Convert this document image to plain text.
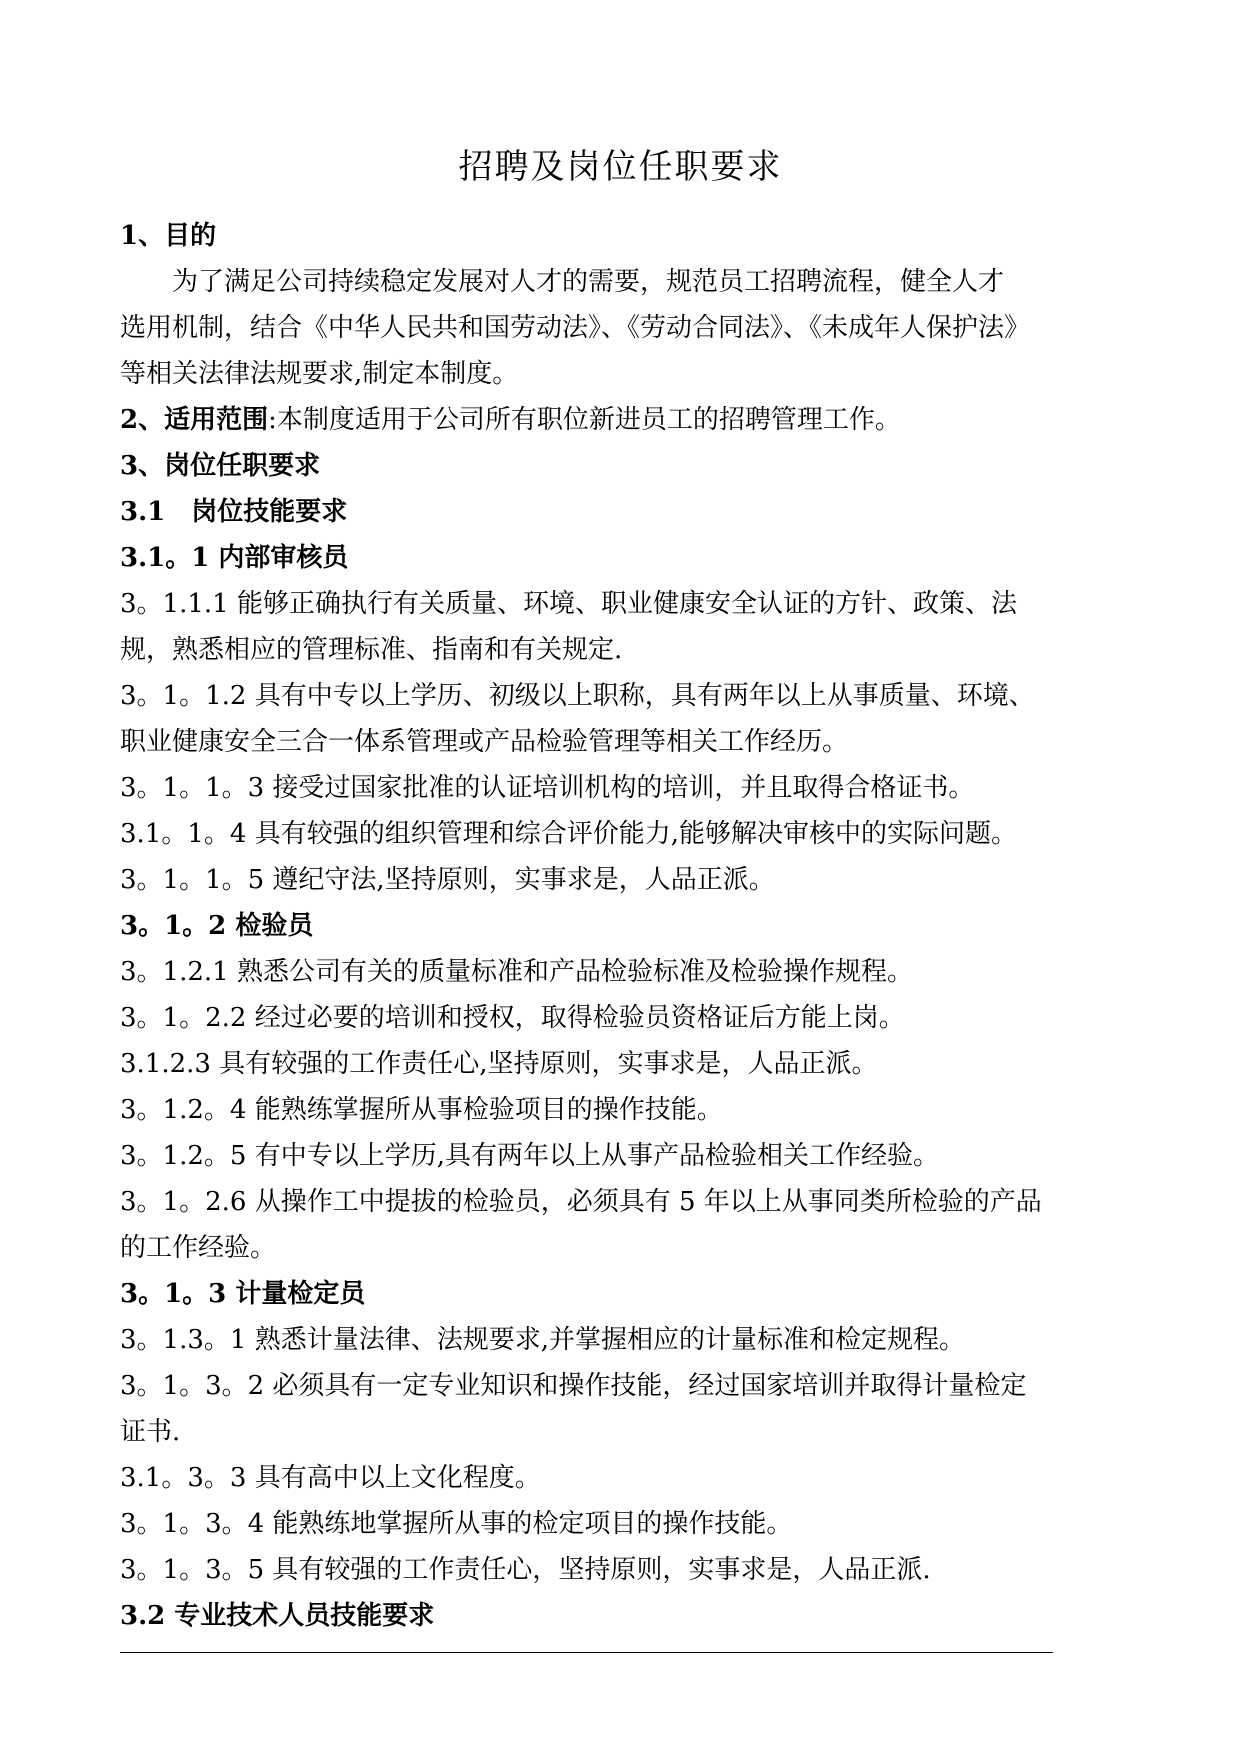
招聘及岗位任职要求
1、目的
为了满足公司持续稳定发展对人才的需要，规范员工招聘流程，健全人才
选用机制，结合《中华人民共和国劳动法》、《劳动合同法》、《未成年人保护法》
等相关法律法规要求,制定本制度。
2、适用范围:本制度适用于公司所有职位新进员工的招聘管理工作。
3、岗位任职要求
3.1　岗位技能要求
3.1。1 内部审核员
3。1.1.1 能够正确执行有关质量、环境、职业健康安全认证的方针、政策、法
规，熟悉相应的管理标准、指南和有关规定.
3。1。1.2 具有中专以上学历、初级以上职称，具有两年以上从事质量、环境、
职业健康安全三合一体系管理或产品检验管理等相关工作经历。
3。1。1。3 接受过国家批准的认证培训机构的培训，并且取得合格证书。
3.1。1。4 具有较强的组织管理和综合评价能力,能够解决审核中的实际问题。
3。1。1。5 遵纪守法,坚持原则，实事求是，人品正派。
3。1。2 检验员
3。1.2.1 熟悉公司有关的质量标准和产品检验标准及检验操作规程。
3。1。2.2 经过必要的培训和授权，取得检验员资格证后方能上岗。
3.1.2.3 具有较强的工作责任心,坚持原则，实事求是，人品正派。
3。1.2。4 能熟练掌握所从事检验项目的操作技能。
3。1.2。5 有中专以上学历,具有两年以上从事产品检验相关工作经验。
3。1。2.6 从操作工中提拔的检验员，必须具有 5 年以上从事同类所检验的产品
的工作经验。
3。1。3 计量检定员
3。1.3。1 熟悉计量法律、法规要求,并掌握相应的计量标准和检定规程。
3。1。3。2 必须具有一定专业知识和操作技能，经过国家培训并取得计量检定
证书.
3.1。3。3 具有高中以上文化程度。
3。1。3。4 能熟练地掌握所从事的检定项目的操作技能。
3。1。3。5 具有较强的工作责任心，坚持原则，实事求是，人品正派.
3.2 专业技术人员技能要求
